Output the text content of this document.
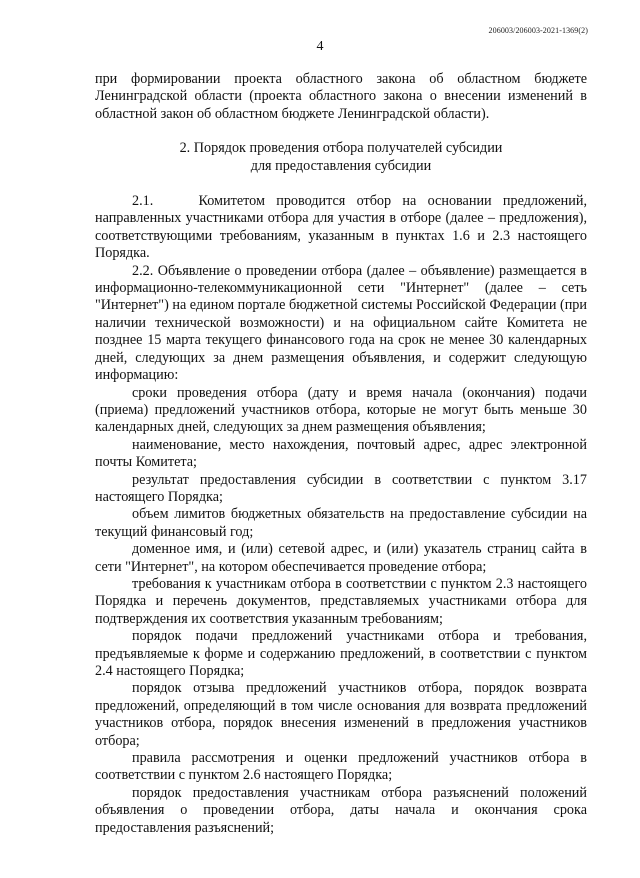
206003/206003-2021-1369(2)
4

при формировании проекта областного закона об областном бюджете Ленинградской области (проекта областного закона о внесении изменений в областной закон об областном бюджете Ленинградской области).

2. Порядок проведения отбора получателей субсидии
для предоставления субсидии

2.1.    Комитетом проводится отбор на основании предложений, направленных участниками отбора для участия в отборе (далее – предложения), соответствующими требованиям, указанным в пунктах 1.6 и 2.3 настоящего Порядка.

2.2. Объявление о проведении отбора (далее – объявление) размещается в информационно-телекоммуникационной сети "Интернет" (далее – сеть "Интернет") на едином портале бюджетной системы Российской Федерации (при наличии технической возможности) и на официальном сайте Комитета не позднее 15 марта текущего финансового года на срок не менее 30 календарных дней, следующих за днем размещения объявления, и содержит следующую информацию:

сроки проведения отбора (дату и время начала (окончания) подачи (приема) предложений участников отбора, которые не могут быть меньше 30 календарных дней, следующих за днем размещения объявления;

наименование, место нахождения, почтовый адрес, адрес электронной почты Комитета;

результат предоставления субсидии в соответствии с пунктом 3.17 настоящего Порядка;

объем лимитов бюджетных обязательств на предоставление субсидии на текущий финансовый год;

доменное имя, и (или) сетевой адрес, и (или) указатель страниц сайта в сети "Интернет", на котором обеспечивается проведение отбора;

требования к участникам отбора в соответствии с пунктом 2.3 настоящего Порядка и перечень документов, представляемых участниками отбора для подтверждения их соответствия указанным требованиям;

порядок подачи предложений участниками отбора и требования, предъявляемые к форме и содержанию предложений, в соответствии с пунктом 2.4 настоящего Порядка;

порядок отзыва предложений участников отбора, порядок возврата предложений, определяющий в том числе основания для возврата предложений участников отбора, порядок внесения изменений в предложения участников отбора;

правила рассмотрения и оценки предложений участников отбора в соответствии с пунктом 2.6 настоящего Порядка;

порядок предоставления участникам отбора разъяснений положений объявления о проведении отбора, даты начала и окончания срока предоставления разъяснений;
